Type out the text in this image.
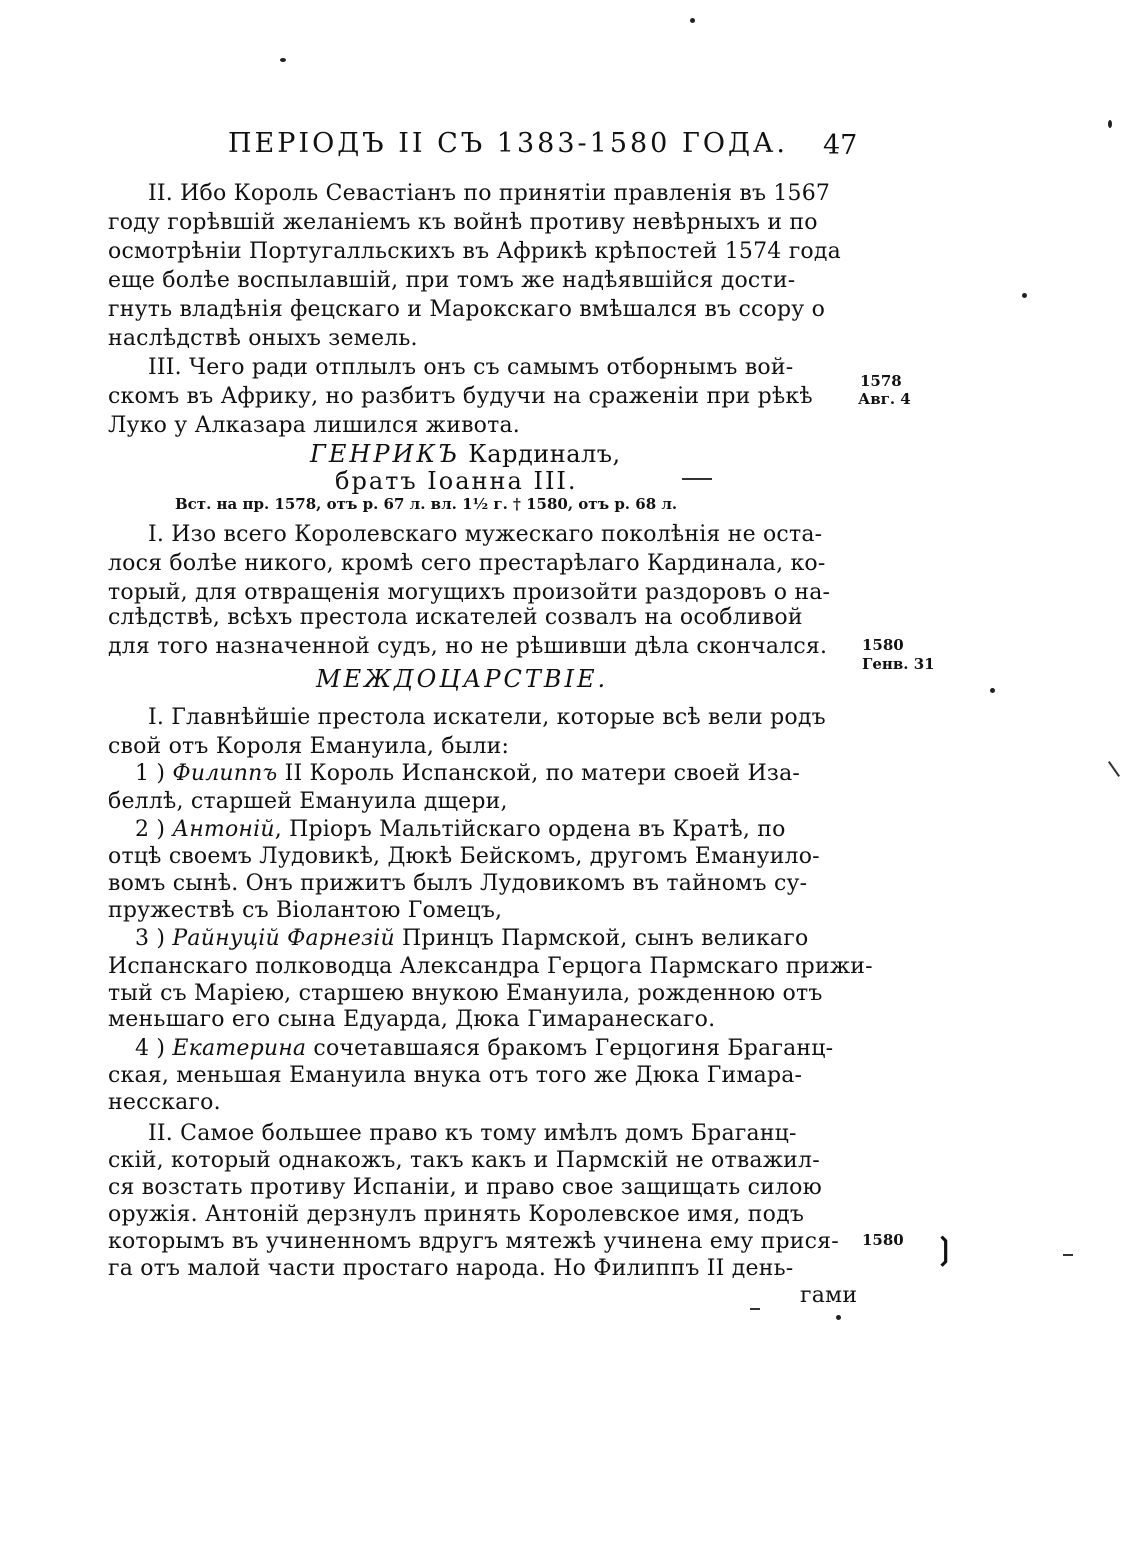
ПЕРІОДЪ II СЪ 1383-1580 ГОДА. 47
II. Ибо Король Севастіанъ по принятіи правленія въ 1567
году горѣвшій желаніемъ къ войнѣ противу невѣрныхъ и по
осмотрѣніи Португалльскихъ въ Африкѣ крѣпостей 1574 года
еще болѣе воспылавшій, при томъ же надѣявшійся дости-
гнуть владѣнія фецскаго и Марокскаго вмѣшался въ ссору о
наслѣдствѣ оныхъ земель.
III. Чего ради отплылъ онъ съ самымъ отборнымъ вой-
скомъ въ Африку, но разбитъ будучи на сраженіи при рѣкѣ
Луко у Алказара лишился живота.
ГЕНРИКЪ Кардиналъ,
братъ Іоанна III.
Вст. на пр. 1578, отъ р. 67 л. вл. 1½ г. † 1580, отъ р. 68 л.
I. Изо всего Королевскаго мужескаго поколѣнія не оста-
лося болѣе никого, кромѣ сего престарѣлаго Кардинала, ко-
торый, для отвращенія могущихъ произойти раздоровъ о на-
слѣдствѣ, всѣхъ престола искателей созвалъ на особливой
для того назначенной судъ, но не рѣшивши дѣла скончался.
МЕЖДОЦАРСТВІЕ.
I. Главнѣйшіе престола искатели, которые всѣ вели родъ
свой отъ Короля Емануила, были:
1 ) Филиппъ II Король Испанской, по матери своей Иза-
беллѣ, старшей Емануила дщери,
2 ) Антоній, Пріоръ Мальтійскаго ордена въ Кратѣ, по
отцѣ своемъ Лудовикѣ, Дюкѣ Бейскомъ, другомъ Емануило-
вомъ сынѣ. Онъ прижитъ былъ Лудовикомъ въ тайномъ су-
пружествѣ съ Віолантою Гомецъ,
3 ) Райнуцій Фарнезій Принцъ Пармской, сынъ великаго
Испанскаго полководца Александра Герцога Пармскаго прижи-
тый съ Маріею, старшею внукою Емануила, рожденною отъ
меньшаго его сына Едуарда, Дюка Гимаранескаго.
4 ) Екатерина сочетавшаяся бракомъ Герцогиня Браганц-
ская, меньшая Емануила внука отъ того же Дюка Гимара-
несскаго.
II. Самое большее право къ тому имѣлъ домъ Браганц-
скій, который однакожъ, такъ какъ и Пармскій не отважил-
ся возстать противу Испаніи, и право свое защищать силою
оружія. Антоній дерзнулъ принять Королевское имя, подъ
которымъ въ учиненномъ вдругъ мятежѣ учинена ему прися-
га отъ малой части простаго народа. Но Филиппъ II день-
гами
1578
Авг. 4
1580
Генв. 31
1580 ❳
